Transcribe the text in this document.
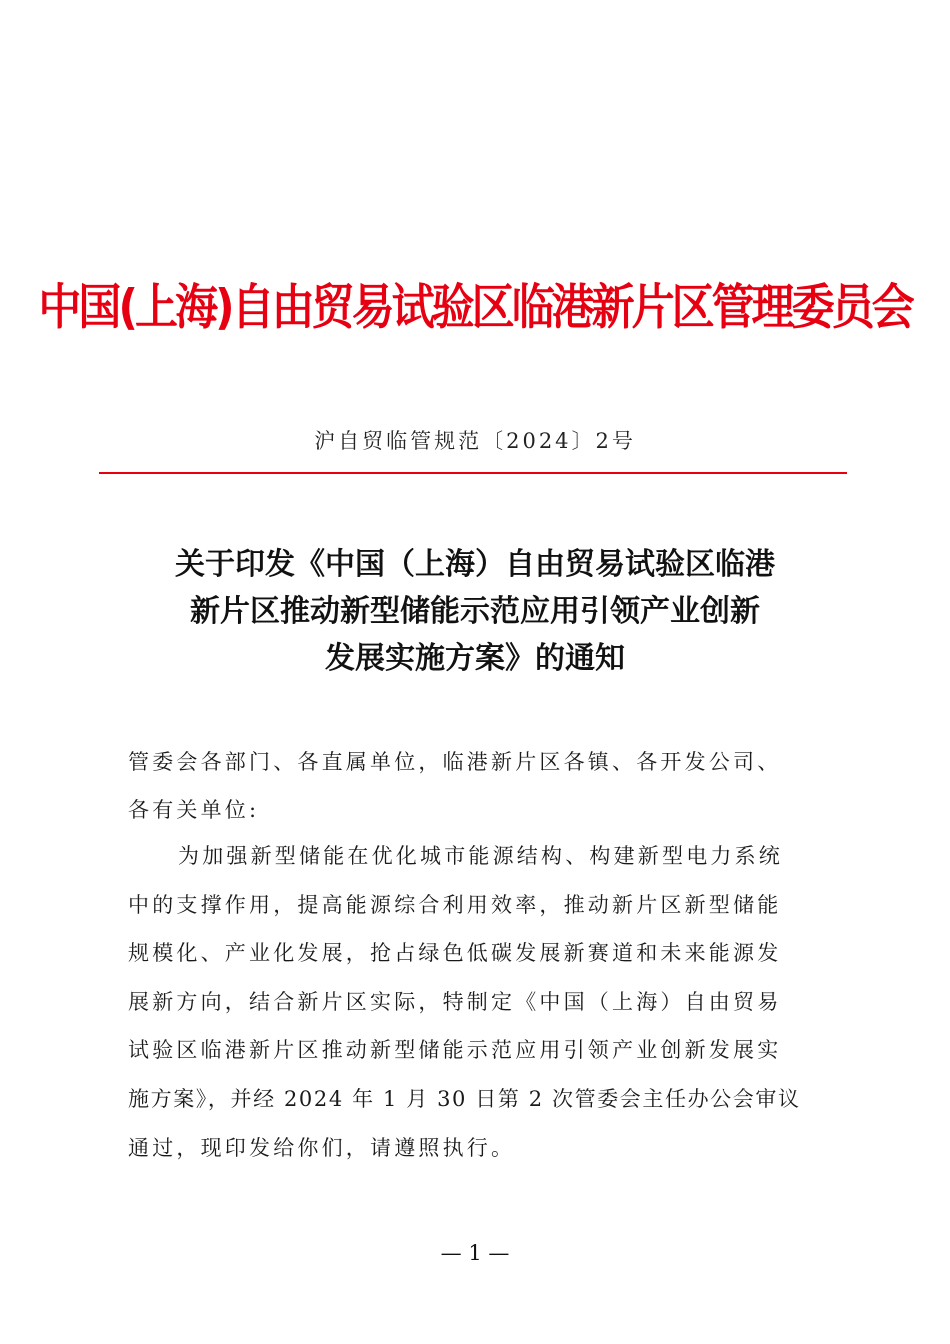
中国(上海)自由贸易试验区临港新片区管理委员会
沪自贸临管规范〔2024〕2号
关于印发《中国（上海）自由贸易试验区临港
新片区推动新型储能示范应用引领产业创新
发展实施方案》的通知
管委会各部门、各直属单位，临港新片区各镇、各开发公司、
各有关单位:
为加强新型储能在优化城市能源结构、构建新型电力系统
中的支撑作用，提高能源综合利用效率，推动新片区新型储能
规模化、产业化发展，抢占绿色低碳发展新赛道和未来能源发
展新方向，结合新片区实际，特制定《中国（上海）自由贸易
试验区临港新片区推动新型储能示范应用引领产业创新发展实
施方案》，并经 2024 年 1 月 30 日第 2 次管委会主任办公会审议
通过，现印发给你们，请遵照执行。
— 1 —
